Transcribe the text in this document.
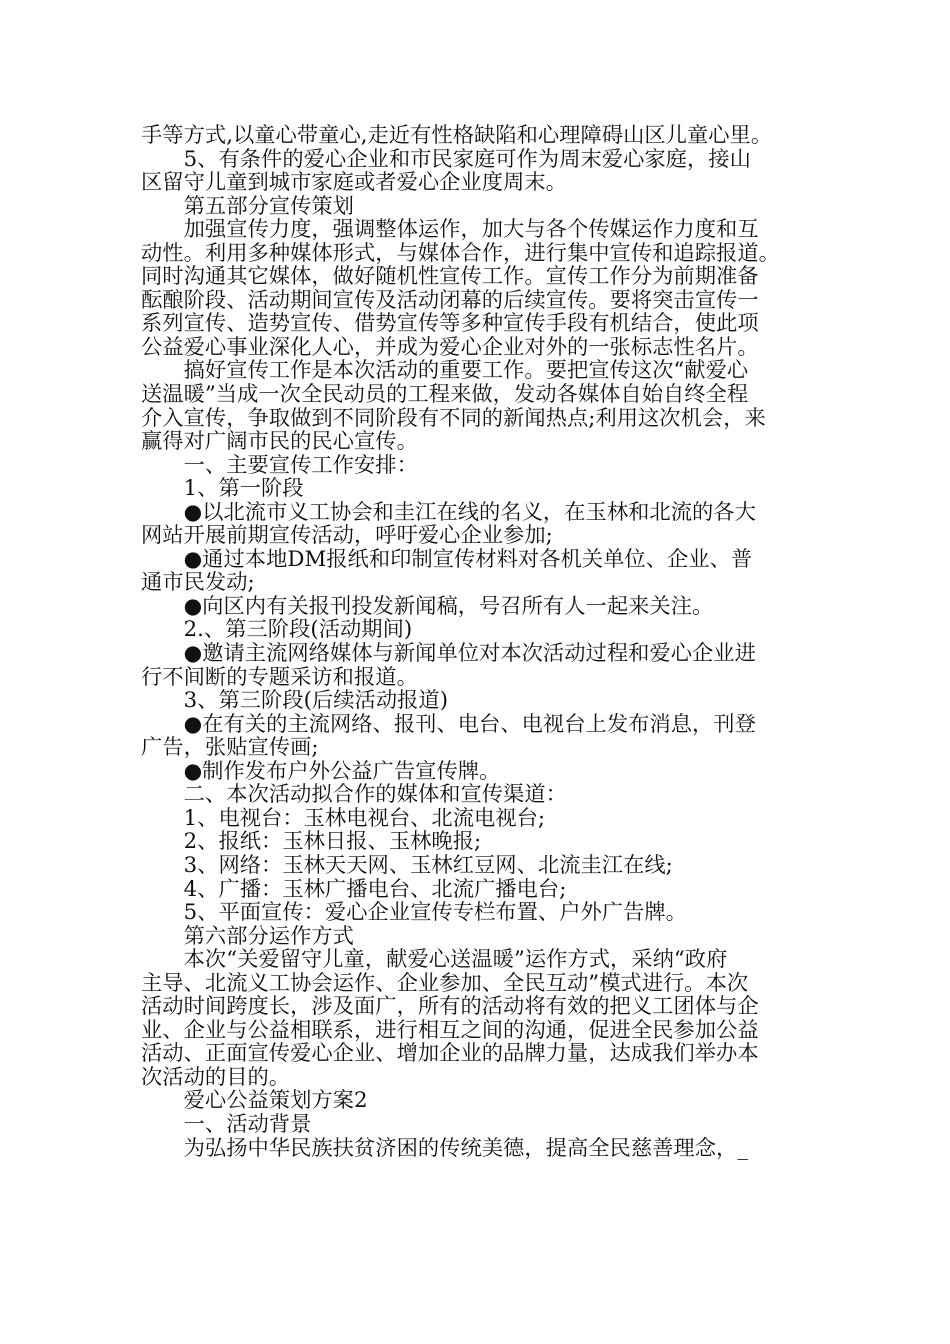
手等方式,以童心带童心,走近有性格缺陷和心理障碍山区儿童心里。
　　5、有条件的爱心企业和市民家庭可作为周末爱心家庭，接山
区留守儿童到城市家庭或者爱心企业度周末。
　　第五部分宣传策划
　　加强宣传力度，强调整体运作，加大与各个传媒运作力度和互
动性。利用多种媒体形式，与媒体合作，进行集中宣传和追踪报道。
同时沟通其它媒体，做好随机性宣传工作。宣传工作分为前期准备
酝酿阶段、活动期间宣传及活动闭幕的后续宣传。要将突击宣传一
系列宣传、造势宣传、借势宣传等多种宣传手段有机结合，使此项
公益爱心事业深化人心，并成为爱心企业对外的一张标志性名片。
　　搞好宣传工作是本次活动的重要工作。要把宣传这次“献爱心
送温暖”当成一次全民动员的工程来做，发动各媒体自始自终全程
介入宣传，争取做到不同阶段有不同的新闻热点;利用这次机会，来
赢得对广阔市民的民心宣传。
　　一、主要宣传工作安排：
　　1、第一阶段
　　●以北流市义工协会和圭江在线的名义，在玉林和北流的各大
网站开展前期宣传活动，呼吁爱心企业参加;
　　●通过本地DM报纸和印制宣传材料对各机关单位、企业、普
通市民发动;
　　●向区内有关报刊投发新闻稿，号召所有人一起来关注。
　　2.、第三阶段(活动期间)
　　●邀请主流网络媒体与新闻单位对本次活动过程和爱心企业进
行不间断的专题采访和报道。
　　3、第三阶段(后续活动报道)
　　●在有关的主流网络、报刊、电台、电视台上发布消息，刊登
广告，张贴宣传画;
　　●制作发布户外公益广告宣传牌。
　　二、本次活动拟合作的媒体和宣传渠道：
　　1、电视台：玉林电视台、北流电视台;
　　2、报纸：玉林日报、玉林晚报;
　　3、网络：玉林天天网、玉林红豆网、北流圭江在线;
　　4、广播：玉林广播电台、北流广播电台;
　　5、平面宣传：爱心企业宣传专栏布置、户外广告牌。
　　第六部分运作方式
　　本次“关爱留守儿童，献爱心送温暖”运作方式，采纳“政府
主导、北流义工协会运作、企业参加、全民互动”模式进行。本次
活动时间跨度长，涉及面广，所有的活动将有效的把义工团体与企
业、企业与公益相联系，进行相互之间的沟通，促进全民参加公益
活动、正面宣传爱心企业、增加企业的品牌力量，达成我们举办本
次活动的目的。
　　爱心公益策划方案2
　　一、活动背景
　　为弘扬中华民族扶贫济困的传统美德，提高全民慈善理念，_
